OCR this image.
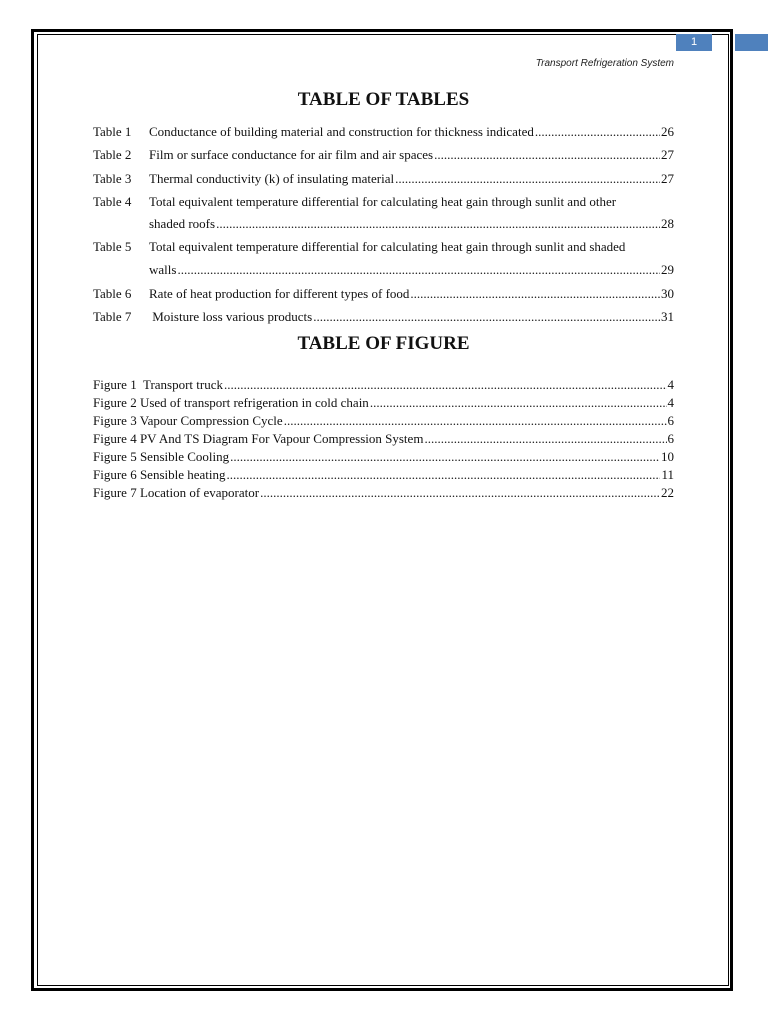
1
Transport Refrigeration System
TABLE OF TABLES
Table 1	Conductance of building material and construction for thickness indicated .....	26
Table 2	Film or surface conductance for air film and air spaces .....	27
Table 3	Thermal conductivity (k) of insulating material .....	27
Table 4	Total equivalent temperature differential for calculating heat gain through sunlit and other
shaded roofs .....	28
Table 5	Total equivalent temperature differential for calculating heat gain through sunlit and shaded
walls .....	29
Table 6	Rate of heat production for different types of food .....	30
Table 7	Moisture loss various products .....	31
TABLE OF FIGURE
Figure 1  Transport truck .....	4
Figure 2 Used of transport refrigeration in cold chain .....	4
Figure 3 Vapour Compression Cycle .....	6
Figure 4 PV And TS Diagram For Vapour Compression System .....	6
Figure 5 Sensible Cooling .....	10
Figure 6 Sensible heating .....	11
Figure 7 Location of evaporator .....	22
